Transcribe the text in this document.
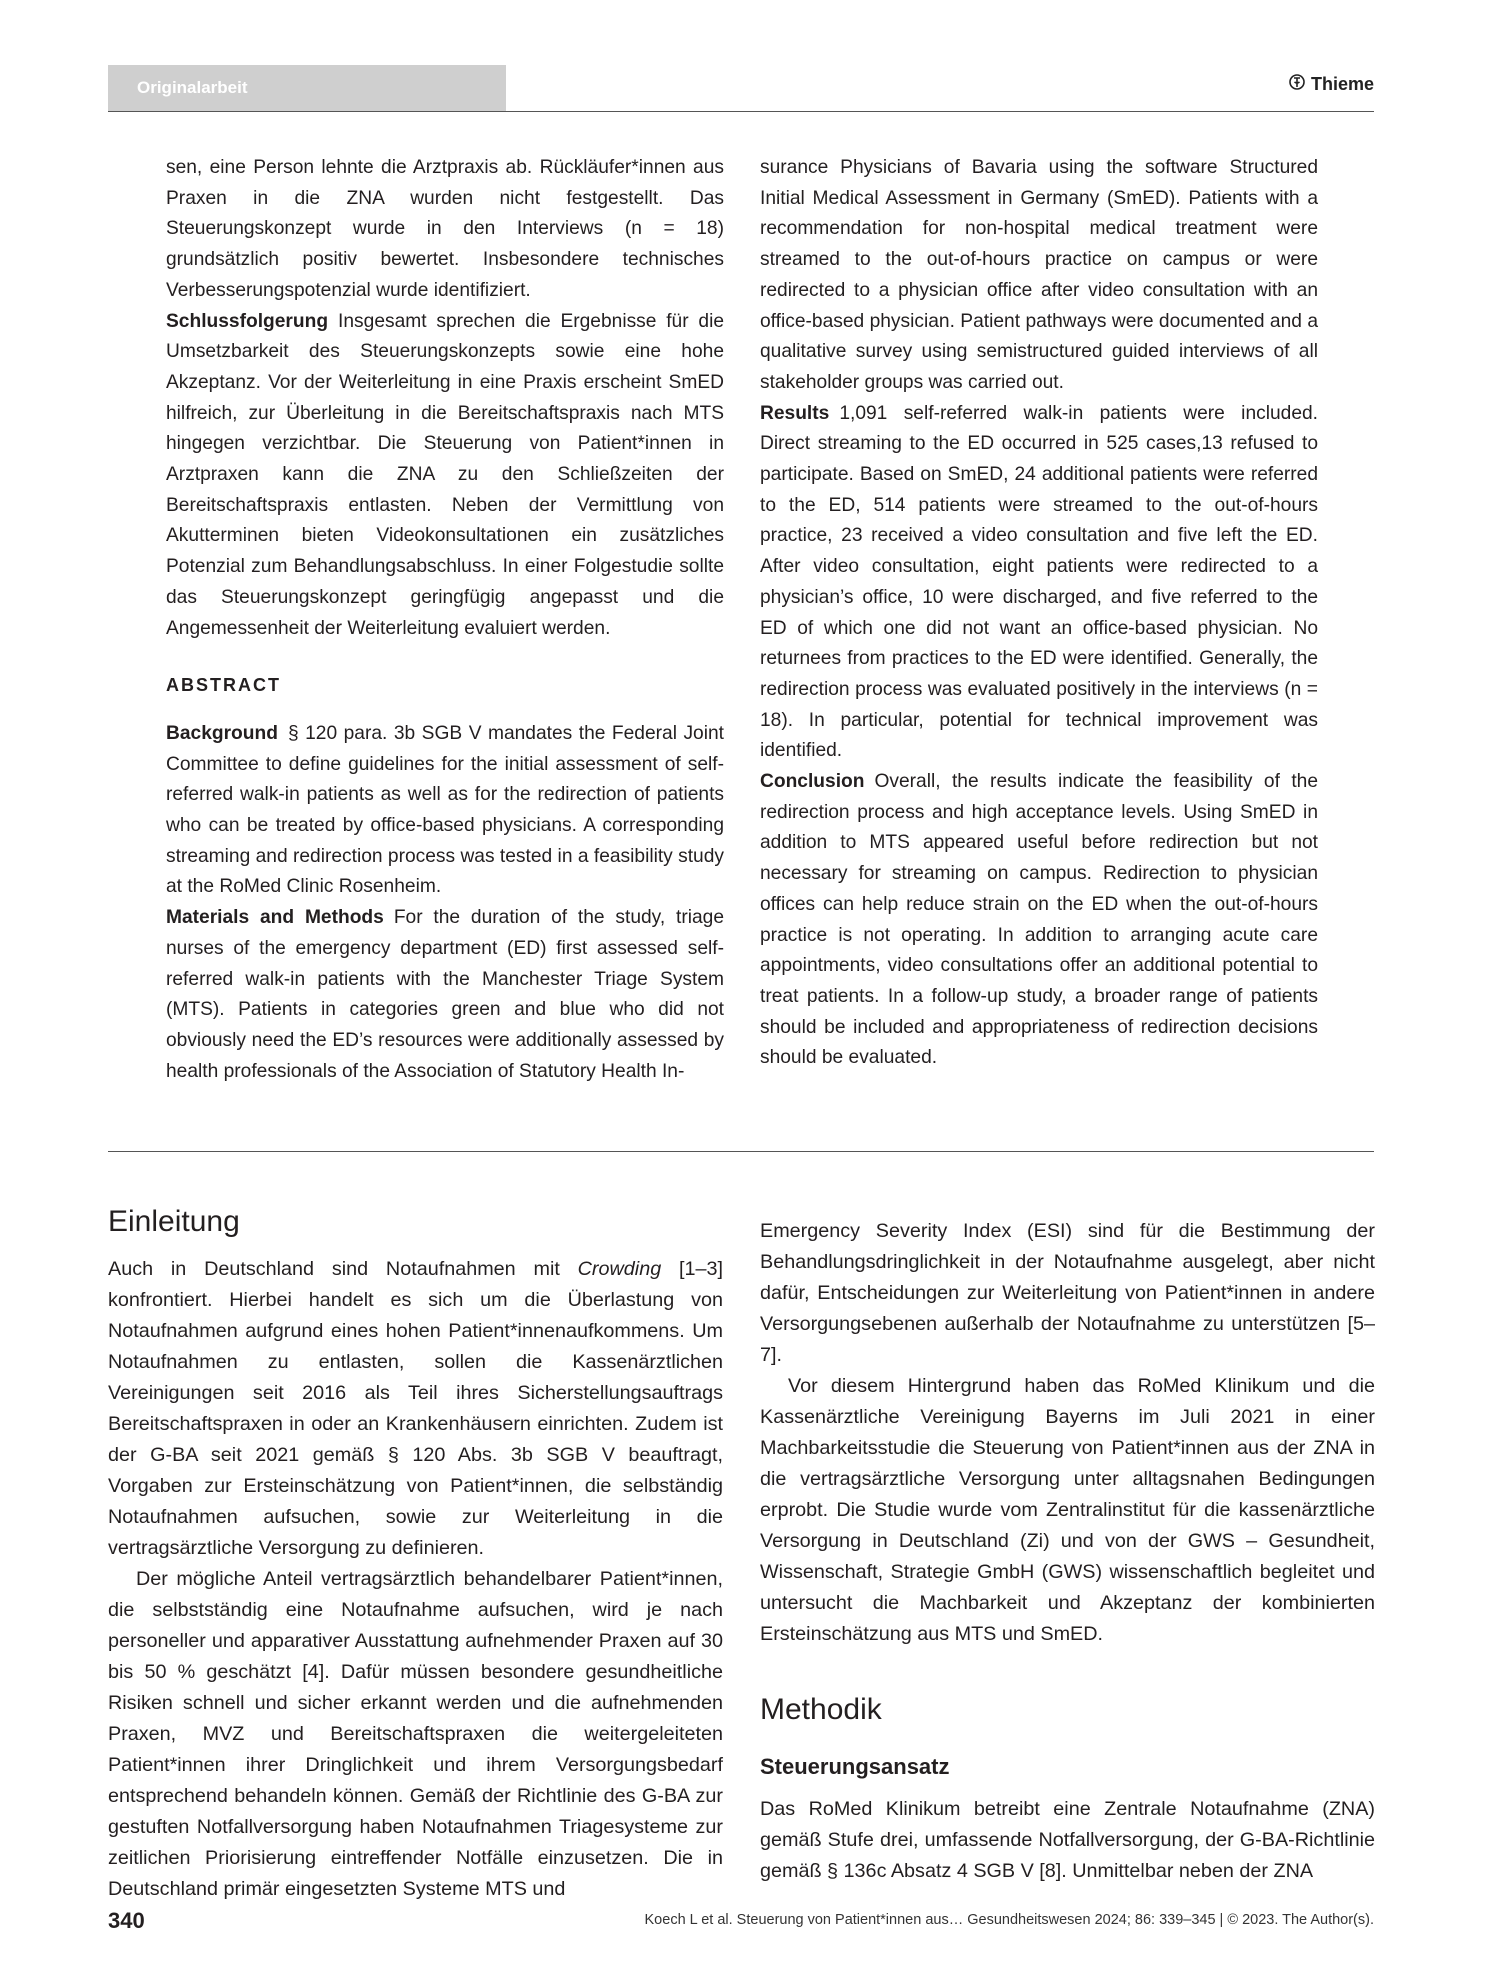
Originalarbeit	Thieme

sen, eine Person lehnte die Arztpraxis ab. Rückläufer*innen aus Praxen in die ZNA wurden nicht festgestellt. Das Steuerungskonzept wurde in den Interviews (n = 18) grundsätzlich positiv bewertet. Insbesondere technisches Verbesserungspotenzial wurde identifiziert.

Schlussfolgerung Insgesamt sprechen die Ergebnisse für die Umsetzbarkeit des Steuerungskonzepts sowie eine hohe Akzeptanz. Vor der Weiterleitung in eine Praxis erscheint SmED hilfreich, zur Überleitung in die Bereitschaftspraxis nach MTS hingegen verzichtbar. Die Steuerung von Patient*innen in Arztpraxen kann die ZNA zu den Schließzeiten der Bereitschaftspraxis entlasten. Neben der Vermittlung von Akutterminen bieten Videokonsultationen ein zusätzliches Potenzial zum Behandlungsabschluss. In einer Folgestudie sollte das Steuerungskonzept geringfügig angepasst und die Angemessenheit der Weiterleitung evaluiert werden.

ABSTRACT

Background § 120 para. 3b SGB V mandates the Federal Joint Committee to define guidelines for the initial assessment of self-referred walk-in patients as well as for the redirection of patients who can be treated by office-based physicians. A corresponding streaming and redirection process was tested in a feasibility study at the RoMed Clinic Rosenheim.

Materials and Methods For the duration of the study, triage nurses of the emergency department (ED) first assessed self-referred walk-in patients with the Manchester Triage System (MTS). Patients in categories green and blue who did not obviously need the ED’s resources were additionally assessed by health professionals of the Association of Statutory Health In-

surance Physicians of Bavaria using the software Structured Initial Medical Assessment in Germany (SmED). Patients with a recommendation for non-hospital medical treatment were streamed to the out-of-hours practice on campus or were redirected to a physician office after video consultation with an office-based physician. Patient pathways were documented and a qualitative survey using semistructured guided interviews of all stakeholder groups was carried out.

Results 1,091 self-referred walk-in patients were included. Direct streaming to the ED occurred in 525 cases,13 refused to participate. Based on SmED, 24 additional patients were referred to the ED, 514 patients were streamed to the out-of-hours practice, 23 received a video consultation and five left the ED. After video consultation, eight patients were redirected to a physician’s office, 10 were discharged, and five referred to the ED of which one did not want an office-based physician. No returnees from practices to the ED were identified. Generally, the redirection process was evaluated positively in the interviews (n = 18). In particular, potential for technical improvement was identified.

Conclusion Overall, the results indicate the feasibility of the redirection process and high acceptance levels. Using SmED in addition to MTS appeared useful before redirection but not necessary for streaming on campus. Redirection to physician offices can help reduce strain on the ED when the out-of-hours practice is not operating. In addition to arranging acute care appointments, video consultations offer an additional potential to treat patients. In a follow-up study, a broader range of patients should be included and appropriateness of redirection decisions should be evaluated.

Einleitung

Auch in Deutschland sind Notaufnahmen mit Crowding [1–3] konfrontiert. Hierbei handelt es sich um die Überlastung von Notaufnahmen aufgrund eines hohen Patient*innenaufkommens. Um Notaufnahmen zu entlasten, sollen die Kassenärztlichen Vereinigungen seit 2016 als Teil ihres Sicherstellungsauftrags Bereitschaftspraxen in oder an Krankenhäusern einrichten. Zudem ist der G-BA seit 2021 gemäß § 120 Abs. 3b SGB V beauftragt, Vorgaben zur Ersteinschätzung von Patient*innen, die selbständig Notaufnahmen aufsuchen, sowie zur Weiterleitung in die vertragsärztliche Versorgung zu definieren.

Der mögliche Anteil vertragsärztlich behandelbarer Patient*innen, die selbstständig eine Notaufnahme aufsuchen, wird je nach personeller und apparativer Ausstattung aufnehmender Praxen auf 30 bis 50 % geschätzt [4]. Dafür müssen besondere gesundheitliche Risiken schnell und sicher erkannt werden und die aufnehmenden Praxen, MVZ und Bereitschaftspraxen die weitergeleiteten Patient*innen ihrer Dringlichkeit und ihrem Versorgungsbedarf entsprechend behandeln können. Gemäß der Richtlinie des G-BA zur gestuften Notfallversorgung haben Notaufnahmen Triagesysteme zur zeitlichen Priorisierung eintreffender Notfälle einzusetzen. Die in Deutschland primär eingesetzten Systeme MTS und

Emergency Severity Index (ESI) sind für die Bestimmung der Behandlungsdringlichkeit in der Notaufnahme ausgelegt, aber nicht dafür, Entscheidungen zur Weiterleitung von Patient*innen in andere Versorgungsebenen außerhalb der Notaufnahme zu unterstützen [5–7].

Vor diesem Hintergrund haben das RoMed Klinikum und die Kassenärztliche Vereinigung Bayerns im Juli 2021 in einer Machbarkeitsstudie die Steuerung von Patient*innen aus der ZNA in die vertragsärztliche Versorgung unter alltagsnahen Bedingungen erprobt. Die Studie wurde vom Zentralinstitut für die kassenärztliche Versorgung in Deutschland (Zi) und von der GWS – Gesundheit, Wissenschaft, Strategie GmbH (GWS) wissenschaftlich begleitet und untersucht die Machbarkeit und Akzeptanz der kombinierten Ersteinschätzung aus MTS und SmED.

Methodik
Steuerungsansatz

Das RoMed Klinikum betreibt eine Zentrale Notaufnahme (ZNA) gemäß Stufe drei, umfassende Notfallversorgung, der G-BA-Richtlinie gemäß § 136c Absatz 4 SGB V [8]. Unmittelbar neben der ZNA

340	Koech L et al. Steuerung von Patient*innen aus… Gesundheitswesen 2024; 86: 339–345 | © 2023. The Author(s).
